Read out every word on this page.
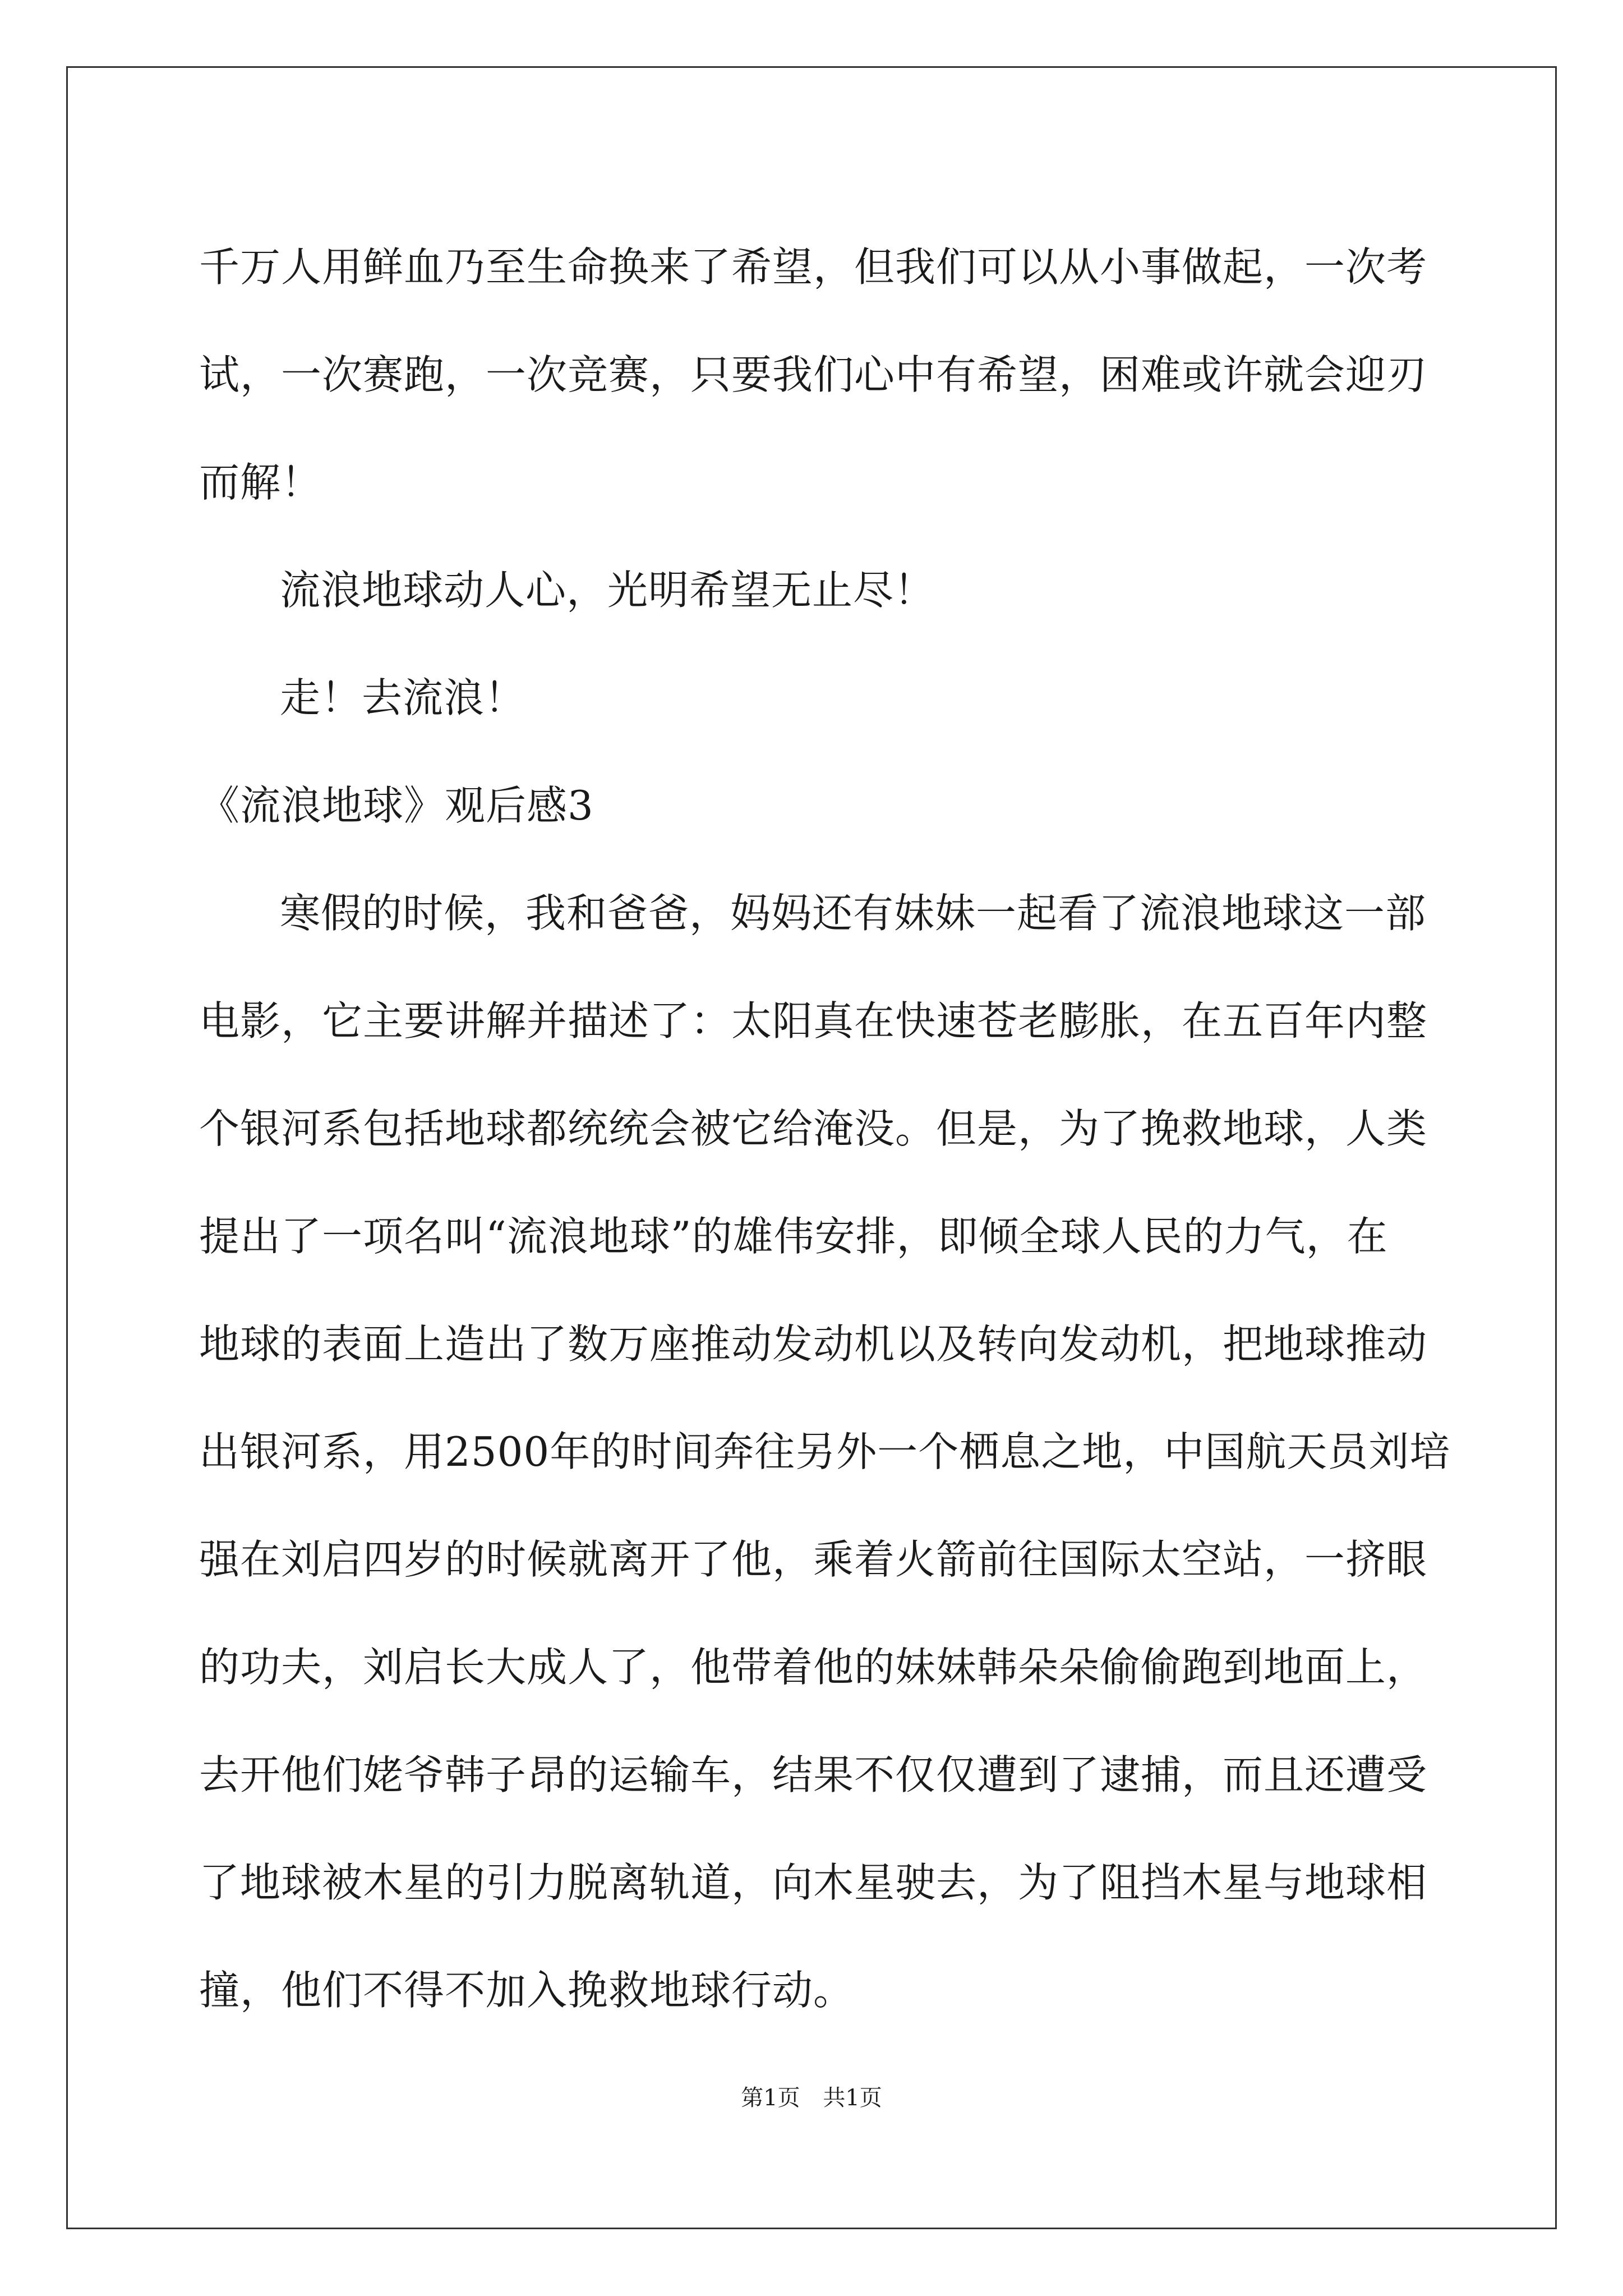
千万人用鲜血乃至生命换来了希望，但我们可以从小事做起，一次考
试，一次赛跑，一次竞赛，只要我们心中有希望，困难或许就会迎刃
而解！
流浪地球动人心，光明希望无止尽！
走！去流浪！
《流浪地球》观后感3
寒假的时候，我和爸爸，妈妈还有妹妹一起看了流浪地球这一部
电影，它主要讲解并描述了：太阳真在快速苍老膨胀，在五百年内整
个银河系包括地球都统统会被它给淹没。但是，为了挽救地球，人类
提出了一项名叫“流浪地球”的雄伟安排，即倾全球人民的力气，在
地球的表面上造出了数万座推动发动机以及转向发动机，把地球推动
出银河系，用2500年的时间奔往另外一个栖息之地，中国航天员刘培
强在刘启四岁的时候就离开了他，乘着火箭前往国际太空站，一挤眼
的功夫，刘启长大成人了，他带着他的妹妹韩朵朵偷偷跑到地面上，
去开他们姥爷韩子昂的运输车，结果不仅仅遭到了逮捕，而且还遭受
了地球被木星的引力脱离轨道，向木星驶去，为了阻挡木星与地球相
撞，他们不得不加入挽救地球行动。
第1页 共1页
